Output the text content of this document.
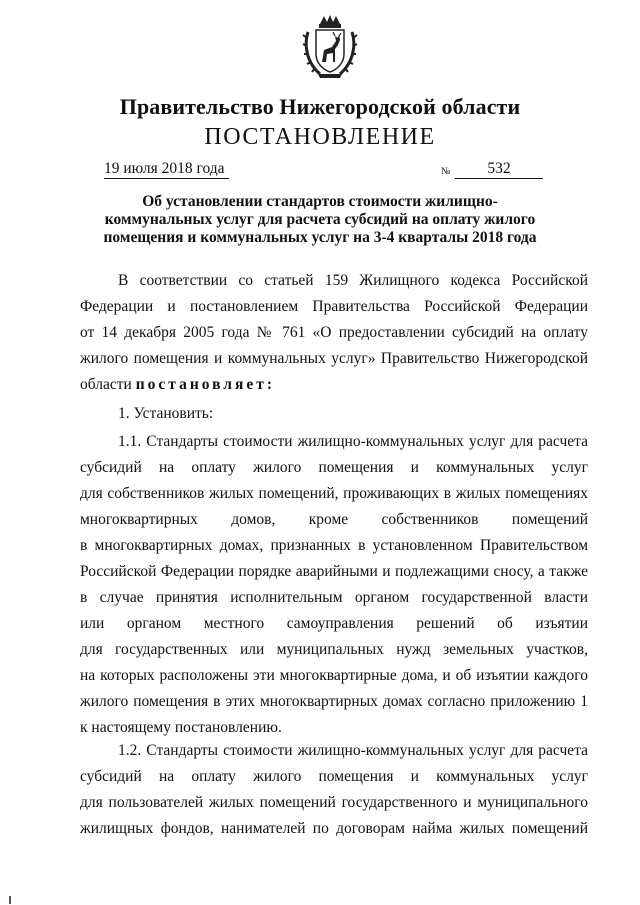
Правительство Нижегородской области
ПОСТАНОВЛЕНИЕ
19 июля 2018 года	№	532
Об установлении стандартов стоимости жилищно-
коммунальных услуг для расчета субсидий на оплату жилого
помещения и коммунальных услуг на 3-4 кварталы 2018 года
В соответствии со статьей 159 Жилищного кодекса Российской
Федерации и постановлением Правительства Российской Федерации
от 14 декабря 2005 года № 761 «О предоставлении субсидий на оплату
жилого помещения и коммунальных услуг» Правительство Нижегородской
области постановляет:
1. Установить:
1.1. Стандарты стоимости жилищно-коммунальных услуг для расчета
субсидий на оплату жилого помещения и коммунальных услуг
для собственников жилых помещений, проживающих в жилых помещениях
многоквартирных домов, кроме собственников помещений
в многоквартирных домах, признанных в установленном Правительством
Российской Федерации порядке аварийными и подлежащими сносу, а также
в случае принятия исполнительным органом государственной власти
или органом местного самоуправления решений об изъятии
для государственных или муниципальных нужд земельных участков,
на которых расположены эти многоквартирные дома, и об изъятии каждого
жилого помещения в этих многоквартирных домах согласно приложению 1
к настоящему постановлению.
1.2. Стандарты стоимости жилищно-коммунальных услуг для расчета
субсидий на оплату жилого помещения и коммунальных услуг
для пользователей жилых помещений государственного и муниципального
жилищных фондов, нанимателей по договорам найма жилых помещений
